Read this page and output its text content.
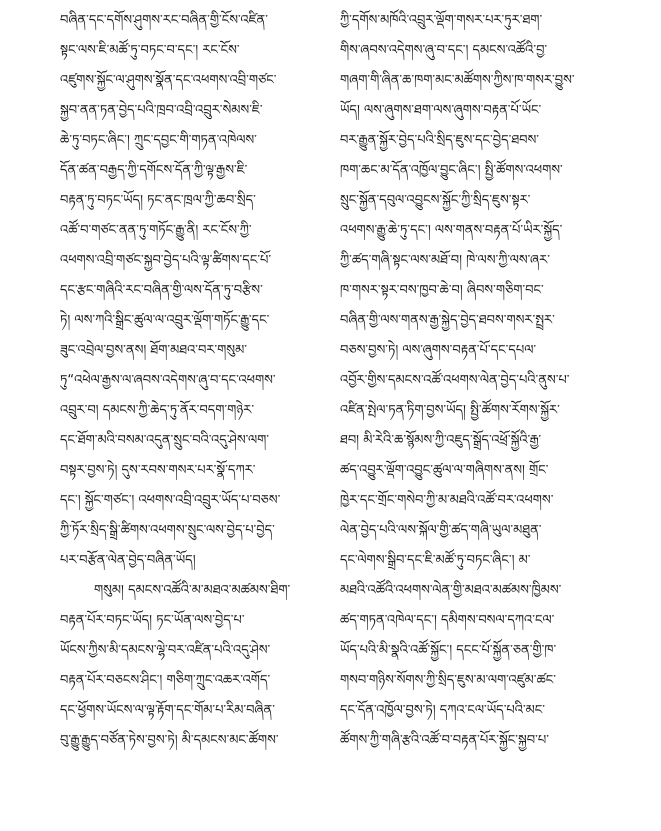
བཞིན་དང་དགོས་ཤུགས་རང་བཞིན་གྱི་ངོས་འཛིན་
སྟང་ལས་ཇི་མཚོ་ཏུ་བཏང་བ་དང་། རང་ངོས་
འཛུགས་སྐྱོང་ལ་ཤུགས་སྣོན་དང་འཕགས་འབྲི་གཙང་
སྐྱབ་ནན་ཏན་བྱེད་པའི་ཁྲབ་འབྲི་འབྲུར་སེམས་ཇི་
ཆེ་ཏུ་བཏང་ཞིང་། ཀྲུང་དབྱང་གི་གཏན་འཁེལས་
དོན་ཚན་བརྒྱད་ཀྱི་དགོངས་དོན་ཀྱི་ལྟ་རྒྱས་ཇི་
བརྟན་ཏུ་བཏང་ཡོད། ཏང་ནང་ཁྲལ་ཀྱི་ཆབ་སྲིད་
འཚོ་བ་གཙང་ནན་ཏུ་གཏོང་རྒྱུ་ནི། རང་ངོས་ཀྱི་
འཕགས་འབྲི་གཙང་སྐྱབ་བྱེད་པའི་ལྟ་ཚིགས་དང་པོ་
དང་རྩང་གཞིའི་རང་བཞིན་གྱི་ལས་དོན་ཏུ་བརྩིས་
ཏེ། ལས་ཀའི་སྒྲིང་ཚུལ་ལ་འབྲུར་ལྡོག་གཏོང་རྒྱུ་དང་
ཟུང་འབྲེལ་བྱས་ནས། ཐོག་མཐའ་བར་གསུམ་
ཏུ“འཕེལ་རྒྱས་ལ་ཞབས་འདེགས་ཞུ་བ་དང་འཕགས་
འབྲུར་བ། དམངས་ཀྱི་ཆེད་ཏུ་ནོར་བདག་གཉེར་
དང་ཐོག་མའི་བསམ་འདུན་སྲུང་བའི་འདུ་ཤེས་ལག་
བསྟར་བྱས་ཏེ། དུས་རབས་གསར་པར་སྣོ་དཀར་
དང་། སྐྱོང་གཙང་། འཕགས་འབྲི་འབྲུར་ཡོད་པ་བཅས་
ཀྱི་ཏོར་སྲིད་སྒྲི་ཚིགས་འཕགས་སྲུང་ལས་བྱེད་པ་བྱེད་
པར་བརྩོན་ལེན་བྱེད་བཞིན་ཡོད།
གསུམ། དམངས་འཚོའི་མ་མཐའ་མཚམས་ཐིག་
བརྟན་པོར་བཏང་ཡོད། ཏང་ཡོན་ལས་བྱེད་པ་
ཡོངས་ཀྱིས་མི་དམངས་ལྷེ་བར་འཛིན་པའི་འདུ་ཤེས་
བརྟན་པོར་བཅངས་ཤིང་། གཅིག་ཀྲུང་འཆར་འགོད་
དང་ཕྱོགས་ཡོངས་ལ་ལྟ་རྟོག་དང་གོམ་པ་རིམ་བཞིན་
བུ་རྒྱུ་རྒྱུད་བཙོན་ཏེས་བྱས་ཏེ། མི་དམངས་མང་ཚོགས་
ཀྱི་དགོས་མཁོའི་འབྲུར་ལྡོག་གསར་པར་ཏུར་ཐག་
གིས་ཞབས་འདེགས་ཞུ་བ་དང་། དམངས་འཚོའི་བྱ་
གཞག་གི་ཞིན་ཆ་ཁག་མང་མཚོགས་ཀྱིས་ཁ་གསར་བྱུས་
ཡོད། ལས་ཞུགས་ཐག་ལས་ཞུགས་བརྟན་པོ་ཡོང་
བར་རྒྱུན་སྐྱོར་བྱེད་པའི་སྲིད་ཇུས་དང་བྱེད་ཐབས་
ཁག་ཆང་མ་དོན་འཁྱོལ་བྱུང་ཞིང་། སྤྱི་ཚོགས་འཕགས་
སྲུང་སྐྱོན་དབུལ་འབྱུངས་སྐྱོང་ཀྱི་སྲིད་ཇུས་སྟར་
འཕགས་རྒྱུ་ཆེ་ཏུ་དང་། ལས་གནས་བརྟན་པོ་ཡིར་སྐྱོད་
ཀྱི་ཚད་གཞི་སྟང་ལས་མཐོ་བ། ཁེ་ལས་ཀྱི་ལས་ཞར་
ཁ་གསར་སྟར་བས་ཁྱབ་ཆེ་བ། ཞིབས་གཅིག་བང་
བཞིན་གྱི་ལས་གནས་རྒྱ་སྐྱེད་བྱེད་ཐབས་གསར་སྤྲར་
བཅས་བྱས་ཏེ། ལས་ཞུགས་བརྟན་པོ་དང་དཔལ་
འབྱོར་གྱིས་དམངས་འཚོ་འཕགས་ལེན་བྱེད་པའི་ནུས་པ་
འཛིན་སྤེལ་ཏན་ཏིག་བྱས་ཡོད། སྤྱི་ཚོགས་རོགས་སྐྱོར་
ཐབ། མི་རེའི་ཆ་སྙོམས་ཀྱི་འཇུད་སྒྲོད་འཕྲོ་སྐྱོའི་རྒྱ་
ཚད་འབྱུར་ལྡོག་འབྱུང་ཚུལ་ལ་གཞིགས་ནས། གྲོང་
ཁྱེར་དང་གྲོང་གསེབ་ཀྱི་མ་མཐའི་འཚོ་བར་འཕགས་
ལེན་བྱེད་པའི་ལས་སྐོལ་གྱི་ཚད་གཞི་ཡུལ་མཐུན་
དང་ལེགས་སྒྲིབ་དང་ཇི་མཚོ་ཏུ་བཏང་ཞིང་། མ་
མཐའི་འཚོའི་འཕགས་ལེན་གྱི་མཐའ་མཚམས་ཁྱིམས་
ཚད་གཏན་འཁེལ་དང་། དམིགས་བསལ་དཀའ་ངལ་
ཡོད་པའི་མི་སྣའི་འཚོ་སྐྱོང་། དངང་པོ་སྐྱོན་ཅན་གྱི་ཁ་
གསབ་གཉིས་སོགས་ཀྱི་སྲིད་ཇུས་མ་ལག་འཛུམ་ཚང་
དང་དོན་འཁྱོལ་བྱས་ཏེ། དཀའ་ངལ་ཡོད་པའི་མང་
ཚོགས་ཀྱི་གཞི་རྩའི་འཚོ་བ་བརྟན་པོར་སྐྱོང་སྐྱབ་པ་
